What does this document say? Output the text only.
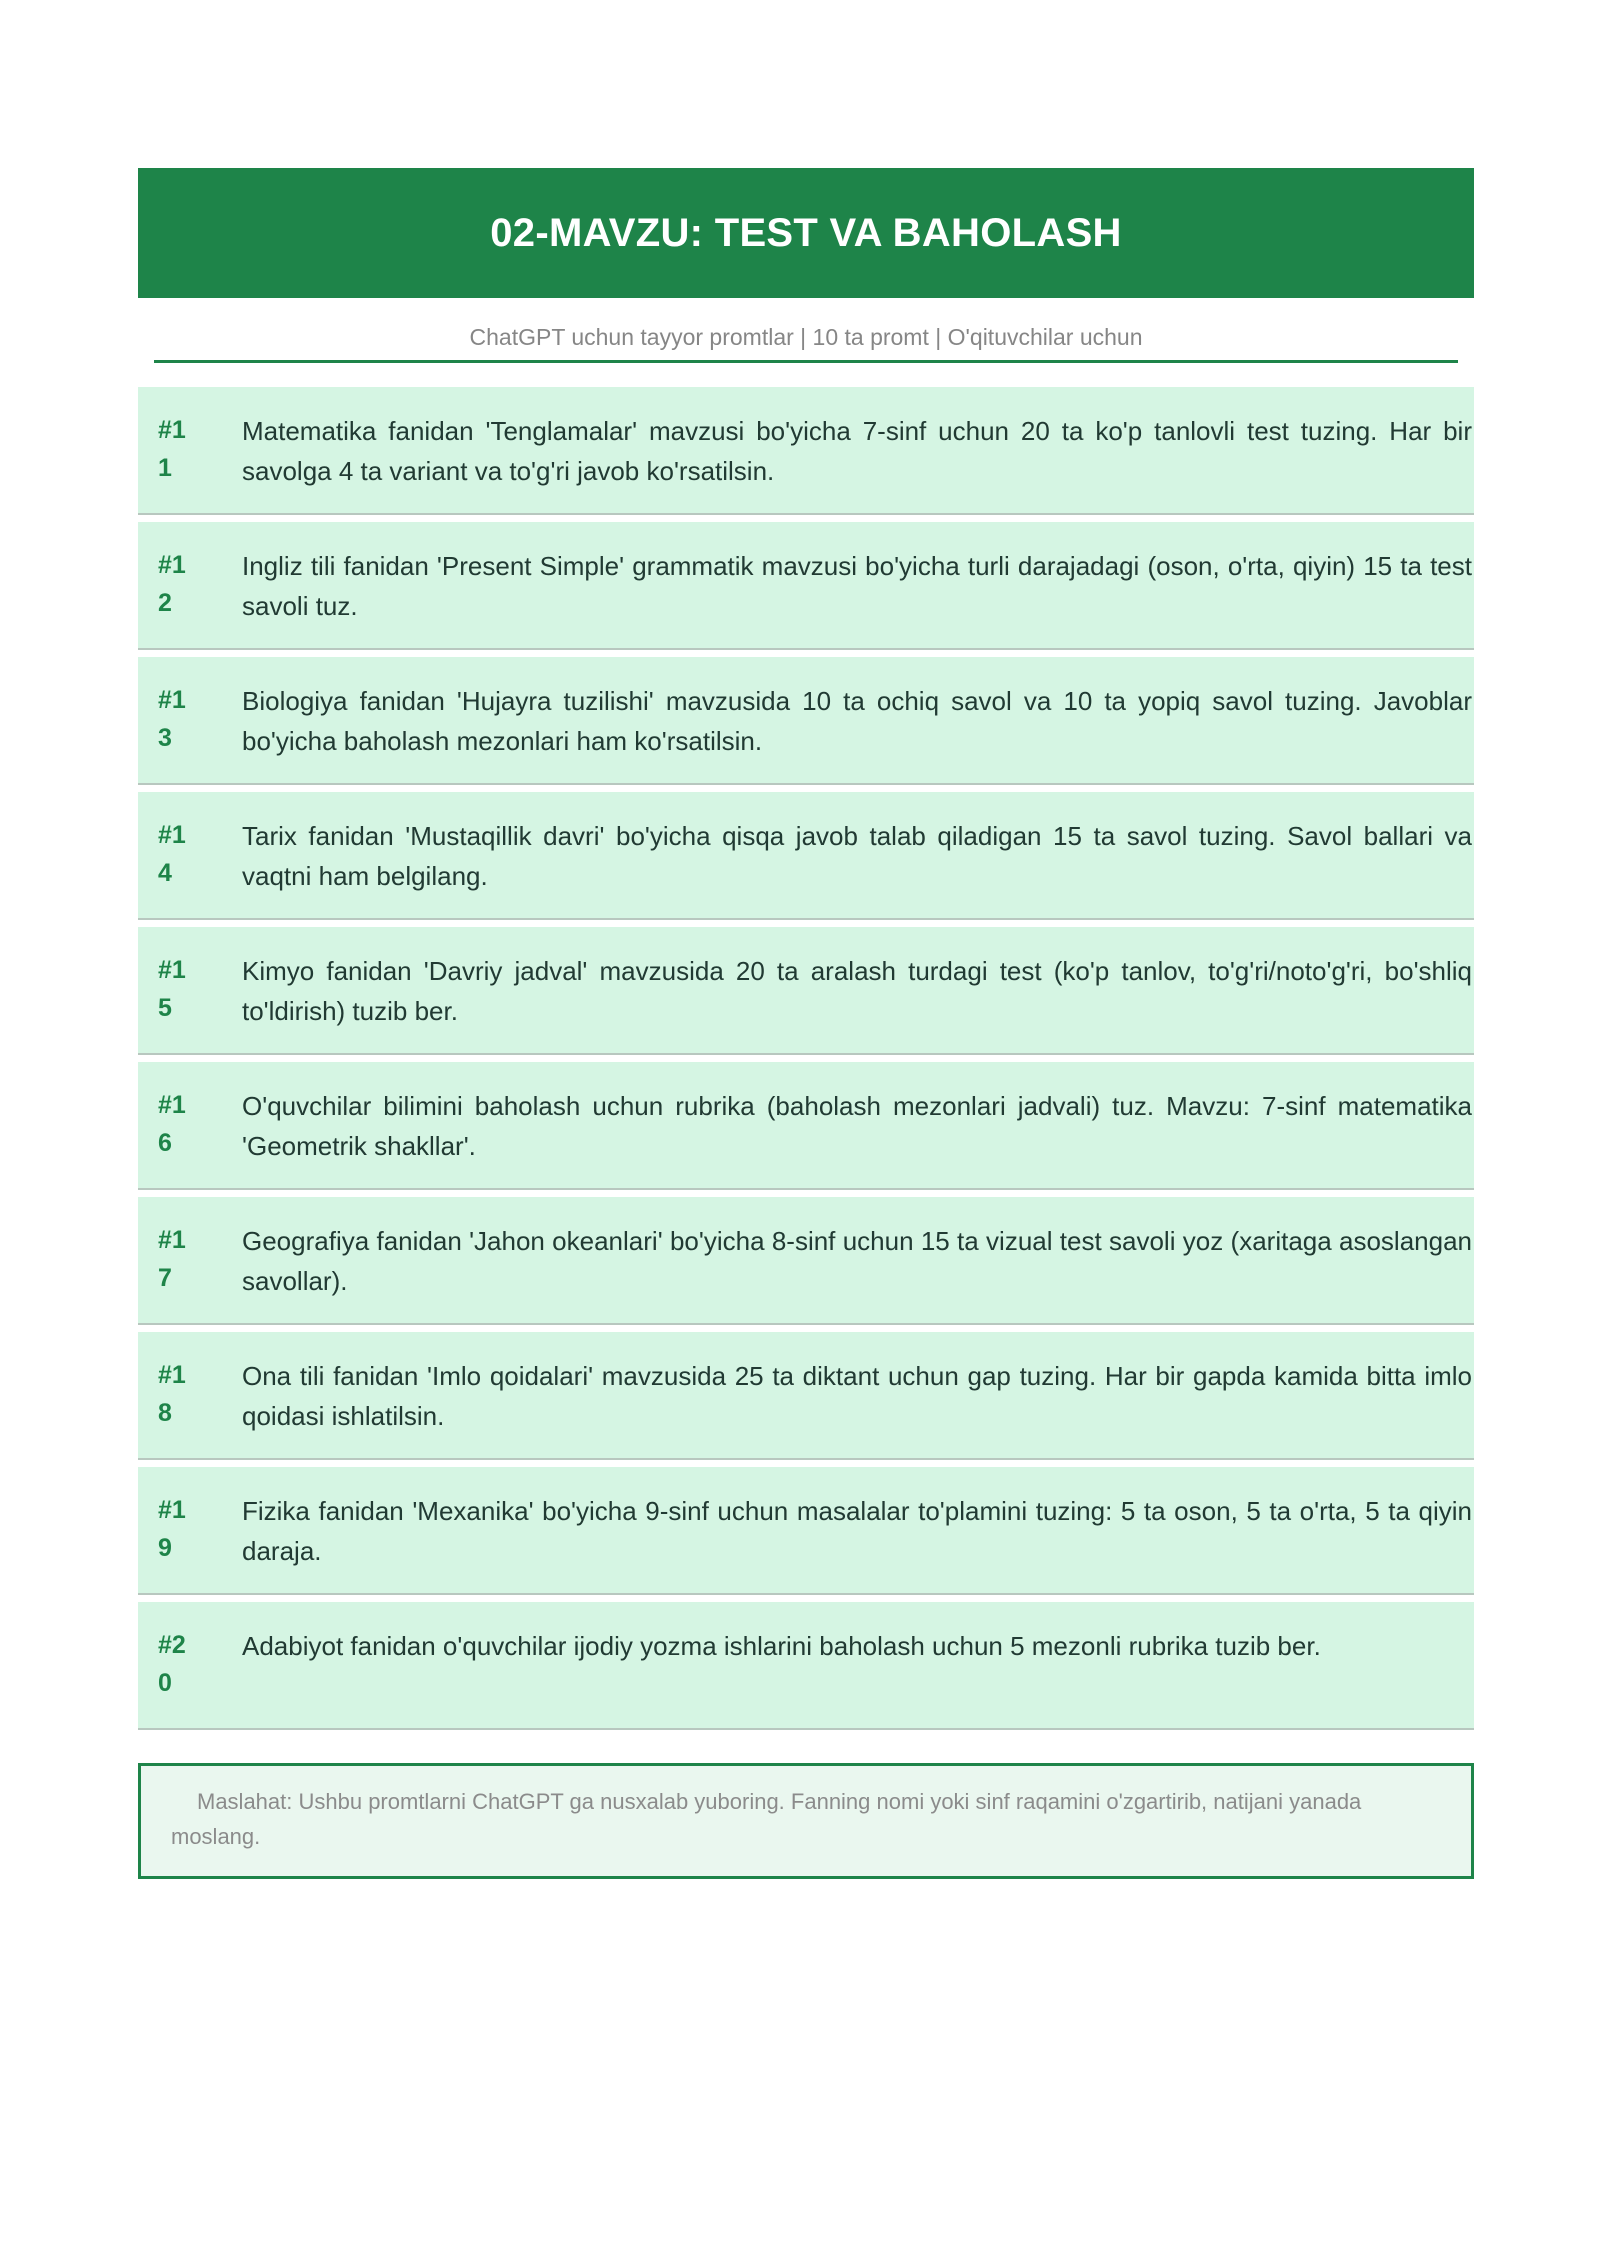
02-MAVZU: TEST VA BAHOLASH
ChatGPT uchun tayyor promtlar | 10 ta promt | O'qituvchilar uchun
#1
1
Matematika fanidan 'Tenglamalar' mavzusi bo'yicha 7-sinf uchun 20 ta ko'p tanlovli test tuzing. Har bir savolga 4 ta variant va to'g'ri javob ko'rsatilsin.
#1
2
Ingliz tili fanidan 'Present Simple' grammatik mavzusi bo'yicha turli darajadagi (oson, o'rta, qiyin) 15 ta test savoli tuz.
#1
3
Biologiya fanidan 'Hujayra tuzilishi' mavzusida 10 ta ochiq savol va 10 ta yopiq savol tuzing. Javoblar bo'yicha baholash mezonlari ham ko'rsatilsin.
#1
4
Tarix fanidan 'Mustaqillik davri' bo'yicha qisqa javob talab qiladigan 15 ta savol tuzing. Savol ballari va vaqtni ham belgilang.
#1
5
Kimyo fanidan 'Davriy jadval' mavzusida 20 ta aralash turdagi test (ko'p tanlov, to'g'ri/noto'g'ri, bo'shliq to'ldirish) tuzib ber.
#1
6
O'quvchilar bilimini baholash uchun rubrika (baholash mezonlari jadvali) tuz. Mavzu: 7-sinf matematika 'Geometrik shakllar'.
#1
7
Geografiya fanidan 'Jahon okeanlari' bo'yicha 8-sinf uchun 15 ta vizual test savoli yoz (xaritaga asoslangan savollar).
#1
8
Ona tili fanidan 'Imlo qoidalari' mavzusida 25 ta diktant uchun gap tuzing. Har bir gapda kamida bitta imlo qoidasi ishlatilsin.
#1
9
Fizika fanidan 'Mexanika' bo'yicha 9-sinf uchun masalalar to'plamini tuzing: 5 ta oson, 5 ta o'rta, 5 ta qiyin daraja.
#2
0
Adabiyot fanidan o'quvchilar ijodiy yozma ishlarini baholash uchun 5 mezonli rubrika tuzib ber.

Maslahat: Ushbu promtlarni ChatGPT ga nusxalab yuboring. Fanning nomi yoki sinf raqamini o'zgartirib, natijani yanada moslang.
